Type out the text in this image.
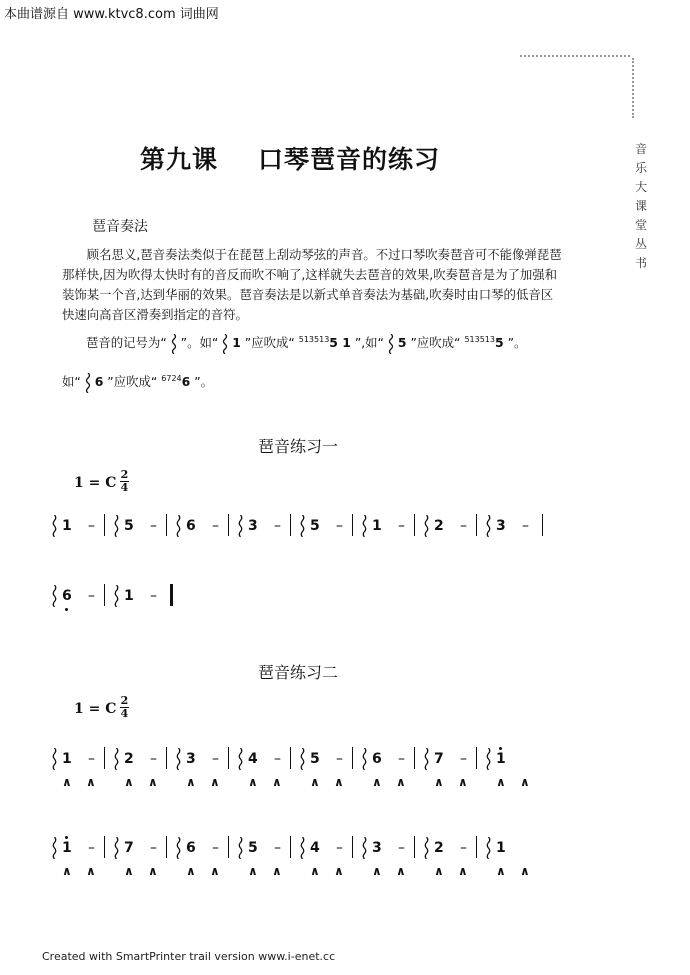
本曲谱源自 www.ktvc8.com 词曲网
音乐大课堂丛书
第九课 口琴琶音的练习
琶音奏法
顾名思义,琶音奏法类似于在琵琶上刮动琴弦的声音。不过口琴吹奏琶音可不能像弹琵琶那样快,因为吹得太快时有的音反而吹不响了,这样就失去琶音的效果,吹奏琶音是为了加强和装饰某一个音,达到华丽的效果。琶音奏法是以新式单音奏法为基础,吹奏时由口琴的低音区快速向高音区滑奏到指定的音符。
琶音的记号为“ ”。如“ 1 ”应吹成“ $^{513513}$5 1 ”,如“ 5 ”应吹成“ $^{513513}$5 ”。
如“ 6 ”应吹成“ $^{6724}$6 ”。
琶音练习一
1 = C $\frac{2}{4}$
1 – 5 – 6 – 3 – 5 – 1 – 2 – 3 –
6 – 1 –
琶音练习二
1 = C $\frac{2}{4}$
1 – 2 – 3 – 4 – 5 – 6 – 7 – 1
∧ ∧ ∧ ∧ ∧ ∧ ∧ ∧ ∧ ∧ ∧ ∧ ∧ ∧ ∧ ∧
1 – 7 – 6 – 5 – 4 – 3 – 2 – 1
∧ ∧ ∧ ∧ ∧ ∧ ∧ ∧ ∧ ∧ ∧ ∧ ∧ ∧ ∧ ∧
Created with SmartPrinter trail version www.i-enet.cc
